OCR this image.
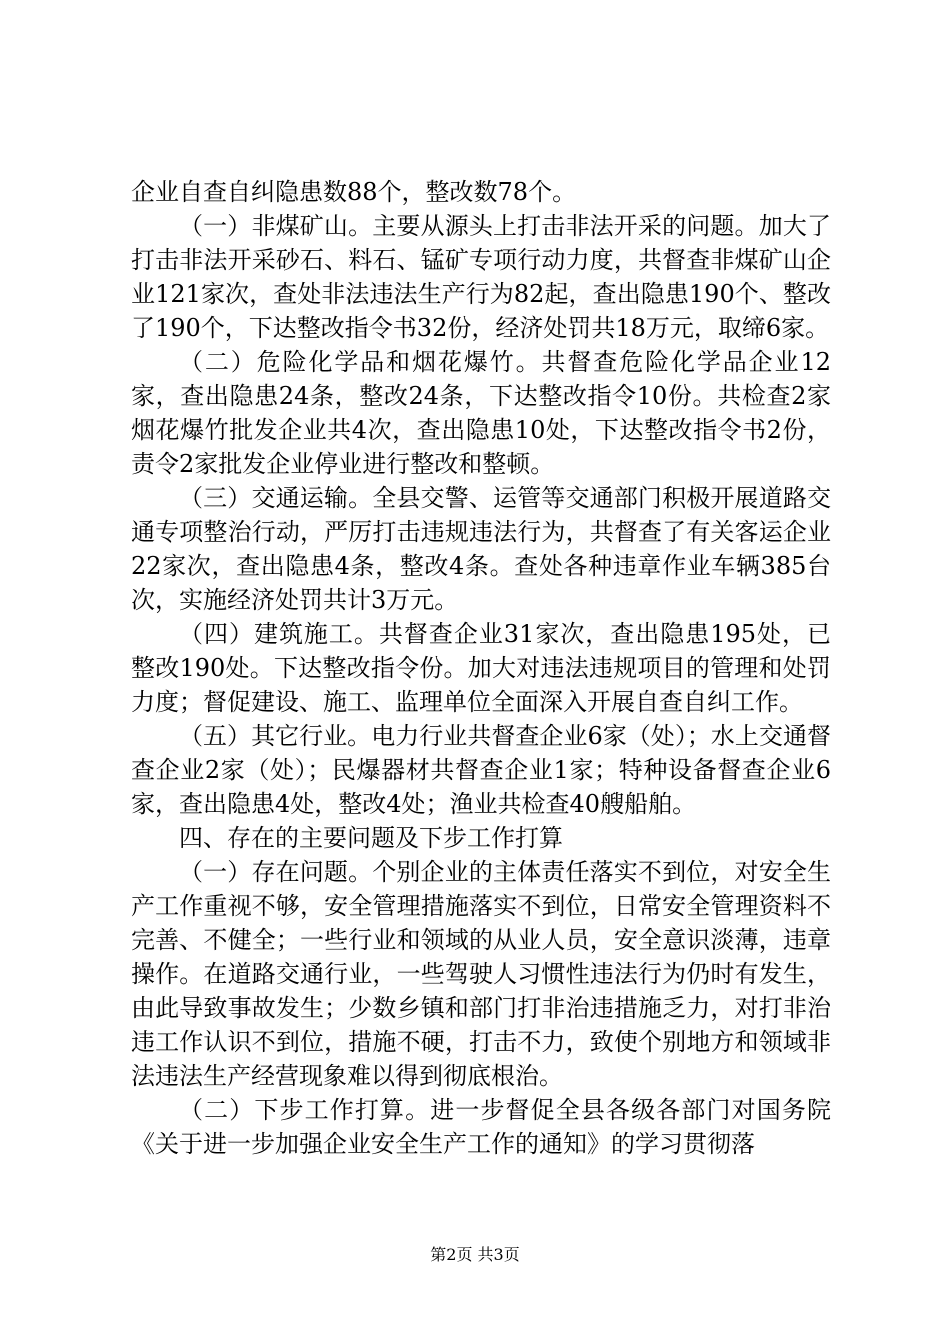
企业自查自纠隐患数88个，整改数78个。

（一）非煤矿山。主要从源头上打击非法开采的问题。加大了打击非法开采砂石、料石、锰矿专项行动力度，共督查非煤矿山企业121家次，查处非法违法生产行为82起，查出隐患190个、整改了190个，下达整改指令书32份，经济处罚共18万元，取缔6家。

（二）危险化学品和烟花爆竹。共督查危险化学品企业12家，查出隐患24条，整改24条，下达整改指令10份。共检查2家烟花爆竹批发企业共4次，查出隐患10处，下达整改指令书2份，责令2家批发企业停业进行整改和整顿。

（三）交通运输。全县交警、运管等交通部门积极开展道路交通专项整治行动，严厉打击违规违法行为，共督查了有关客运企业22家次，查出隐患4条，整改4条。查处各种违章作业车辆385台次，实施经济处罚共计3万元。

（四）建筑施工。共督查企业31家次，查出隐患195处，已整改190处。下达整改指令份。加大对违法违规项目的管理和处罚力度；督促建设、施工、监理单位全面深入开展自查自纠工作。

（五）其它行业。电力行业共督查企业6家（处）；水上交通督查企业2家（处）；民爆器材共督查企业1家；特种设备督查企业6家，查出隐患4处，整改4处；渔业共检查40艘船舶。

四、存在的主要问题及下步工作打算

（一）存在问题。个别企业的主体责任落实不到位，对安全生产工作重视不够，安全管理措施落实不到位，日常安全管理资料不完善、不健全；一些行业和领域的从业人员，安全意识淡薄，违章操作。在道路交通行业，一些驾驶人习惯性违法行为仍时有发生，由此导致事故发生；少数乡镇和部门打非治违措施乏力，对打非治违工作认识不到位，措施不硬，打击不力，致使个别地方和领域非法违法生产经营现象难以得到彻底根治。

（二）下步工作打算。进一步督促全县各级各部门对国务院《关于进一步加强企业安全生产工作的通知》的学习贯彻落

第2页 共3页
